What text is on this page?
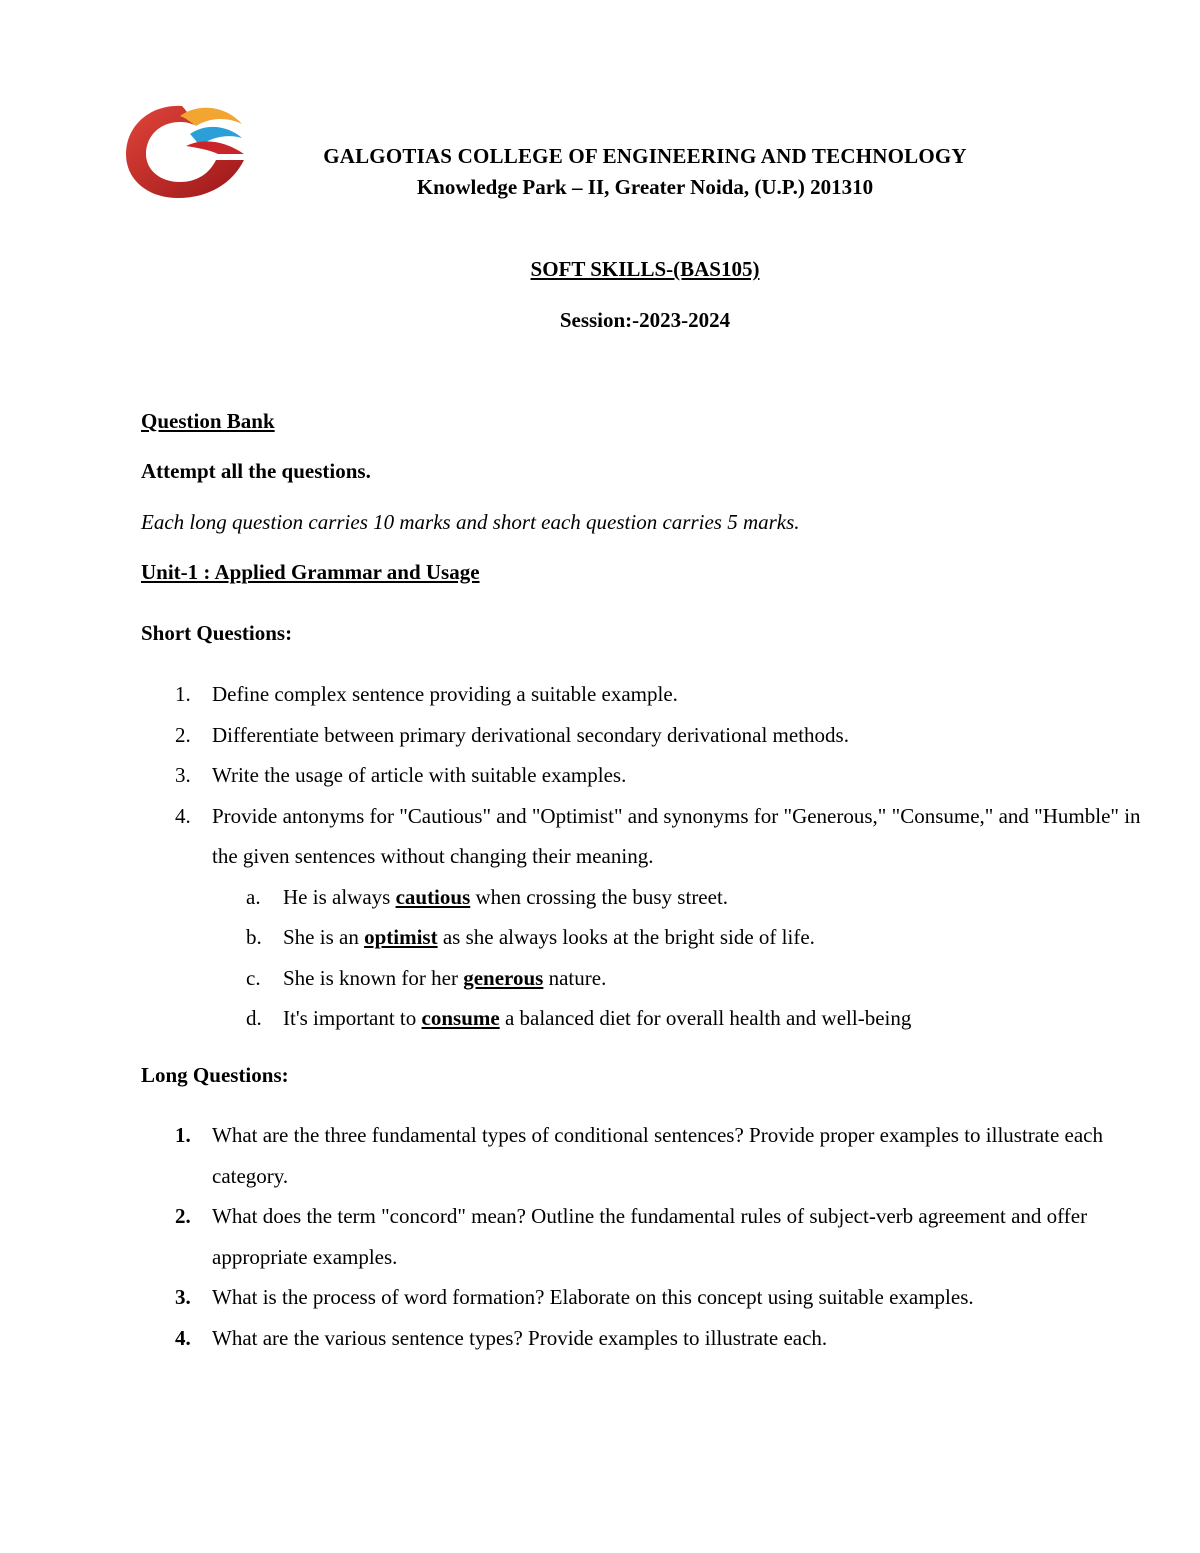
GALGOTIAS COLLEGE OF ENGINEERING AND TECHNOLOGY
Knowledge Park – II, Greater Noida, (U.P.) 201310
SOFT SKILLS-(BAS105)
Session:-2023-2024
Question Bank
Attempt all the questions.
Each long question carries 10 marks and short each question carries 5 marks.
Unit-1 : Applied Grammar and Usage
Short Questions:
1. Define complex sentence providing a suitable example.
2. Differentiate between primary derivational secondary derivational methods.
3. Write the usage of article with suitable examples.
4. Provide antonyms for "Cautious" and "Optimist" and synonyms for "Generous," "Consume," and "Humble" in the given sentences without changing their meaning.
a. He is always cautious when crossing the busy street.
b. She is an optimist as she always looks at the bright side of life.
c. She is known for her generous nature.
d. It's important to consume a balanced diet for overall health and well-being
Long Questions:
1. What are the three fundamental types of conditional sentences? Provide proper examples to illustrate each category.
2. What does the term "concord" mean? Outline the fundamental rules of subject-verb agreement and offer appropriate examples.
3. What is the process of word formation? Elaborate on this concept using suitable examples.
4. What are the various sentence types? Provide examples to illustrate each.
